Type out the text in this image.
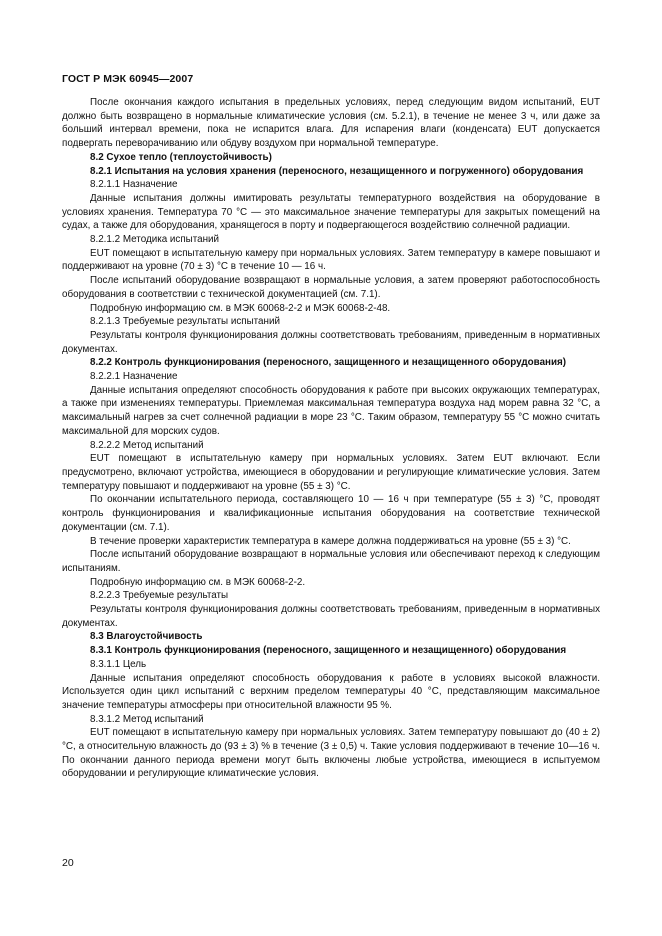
ГОСТ Р МЭК 60945—2007

После окончания каждого испытания в предельных условиях, перед следующим видом испытаний, EUT должно быть возвращено в нормальные климатические условия (см. 5.2.1), в течение не менее 3 ч, или даже за больший интервал времени, пока не испарится влага. Для испарения влаги (конденсата) EUT допускается подвергать переворачиванию или обдуву воздухом при нормальной температуре.

8.2 Сухое тепло (теплоустойчивость)

8.2.1 Испытания на условия хранения (переносного, незащищенного и погруженного) оборудования

8.2.1.1 Назначение

Данные испытания должны имитировать результаты температурного воздействия на оборудование в условиях хранения. Температура 70 °С — это максимальное значение температуры для закрытых помещений на судах, а также для оборудования, хранящегося в порту и подвергающегося воздействию солнечной радиации.

8.2.1.2 Методика испытаний

EUT помещают в испытательную камеру при нормальных условиях. Затем температуру в камере повышают и поддерживают на уровне (70 ± 3) °С в течение 10 — 16 ч.

После испытаний оборудование возвращают в нормальные условия, а затем проверяют работоспособность оборудования в соответствии с технической документацией (см. 7.1).

Подробную информацию см. в МЭК 60068-2-2 и МЭК 60068-2-48.

8.2.1.3 Требуемые результаты испытаний

Результаты контроля функционирования должны соответствовать требованиям, приведенным в нормативных документах.

8.2.2 Контроль функционирования (переносного, защищенного и незащищенного оборудования)

8.2.2.1 Назначение

Данные испытания определяют способность оборудования к работе при высоких окружающих температурах, а также при изменениях температуры. Приемлемая максимальная температура воздуха над морем равна 32 °С, а максимальный нагрев за счет солнечной радиации в море 23 °С. Таким образом, температуру 55 °С можно считать максимальной для морских судов.

8.2.2.2 Метод испытаний

EUT помещают в испытательную камеру при нормальных условиях. Затем EUT включают. Если предусмотрено, включают устройства, имеющиеся в оборудовании и регулирующие климатические условия. Затем температуру повышают и поддерживают на уровне (55 ± 3) °С.

По окончании испытательного периода, составляющего 10 — 16 ч при температуре (55 ± 3) °С, проводят контроль функционирования и квалификационные испытания оборудования на соответствие технической документации (см. 7.1).

В течение проверки характеристик температура в камере должна поддерживаться на уровне (55 ± 3) °С.

После испытаний оборудование возвращают в нормальные условия или обеспечивают переход к следующим испытаниям.

Подробную информацию см. в МЭК 60068-2-2.

8.2.2.3 Требуемые результаты

Результаты контроля функционирования должны соответствовать требованиям, приведенным в нормативных документах.

8.3 Влагоустойчивость

8.3.1 Контроль функционирования (переносного, защищенного и незащищенного) оборудования

8.3.1.1 Цель

Данные испытания определяют способность оборудования к работе в условиях высокой влажности. Используется один цикл испытаний с верхним пределом температуры 40 °С, представляющим максимальное значение температуры атмосферы при относительной влажности 95 %.

8.3.1.2 Метод испытаний

EUT помещают в испытательную камеру при нормальных условиях. Затем температуру повышают до (40 ± 2) °С, а относительную влажность до (93 ± 3) % в течение (3 ± 0,5) ч. Такие условия поддерживают в течение 10—16 ч. По окончании данного периода времени могут быть включены любые устройства, имеющиеся в испытуемом оборудовании и регулирующие климатические условия.

20
